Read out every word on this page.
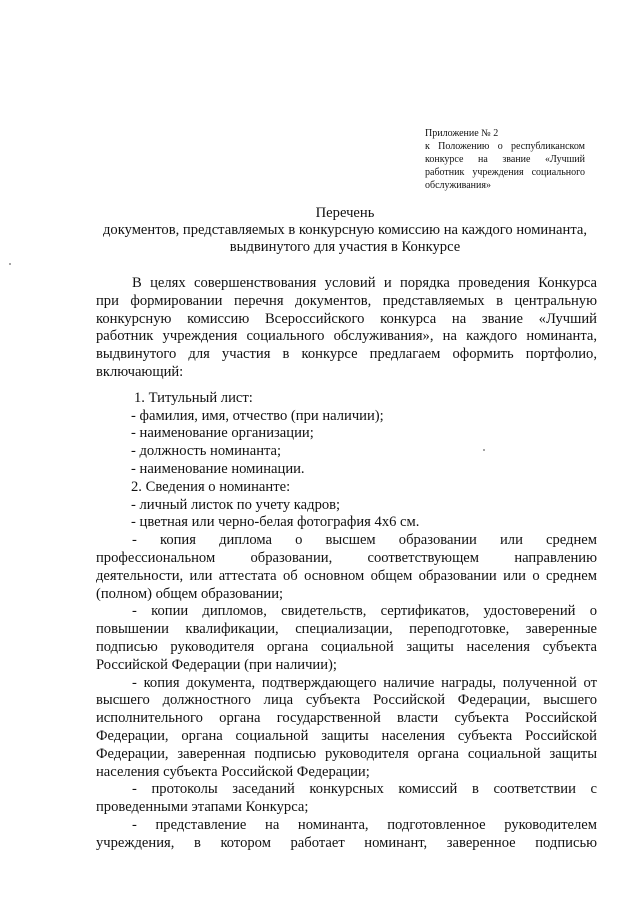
Приложение № 2
к Положению о республиканском
конкурсе на звание «Лучший
работник учреждения социального
обслуживания»
Перечень
документов, представляемых в конкурсную комиссию на каждого номинанта,
выдвинутого для участия в Конкурсе
В целях совершенствования условий и порядка проведения Конкурса
при формировании перечня документов, представляемых в центральную
конкурсную комиссию Всероссийского конкурса на звание «Лучший
работник учреждения социального обслуживания», на каждого номинанта,
выдвинутого для участия в конкурсе предлагаем оформить портфолио,
включающий:
1. Титульный лист:
- фамилия, имя, отчество (при наличии);
- наименование организации;
- должность номинанта;
- наименование номинации.
2. Сведения о номинанте:
- личный листок по учету кадров;
- цветная или черно-белая фотография 4х6 см.
- копия диплома о высшем образовании или среднем
профессиональном образовании, соответствующем направлению
деятельности, или аттестата об основном общем образовании или о среднем
(полном) общем образовании;
- копии дипломов, свидетельств, сертификатов, удостоверений о
повышении квалификации, специализации, переподготовке, заверенные
подписью руководителя органа социальной защиты населения субъекта
Российской Федерации (при наличии);
- копия документа, подтверждающего наличие награды, полученной от
высшего должностного лица субъекта Российской Федерации, высшего
исполнительного органа государственной власти субъекта Российской
Федерации, органа социальной защиты населения субъекта Российской
Федерации, заверенная подписью руководителя органа социальной защиты
населения субъекта Российской Федерации;
- протоколы заседаний конкурсных комиссий в соответствии с
проведенными этапами Конкурса;
- представление на номинанта, подготовленное руководителем
учреждения, в котором работает номинант, заверенное подписью
